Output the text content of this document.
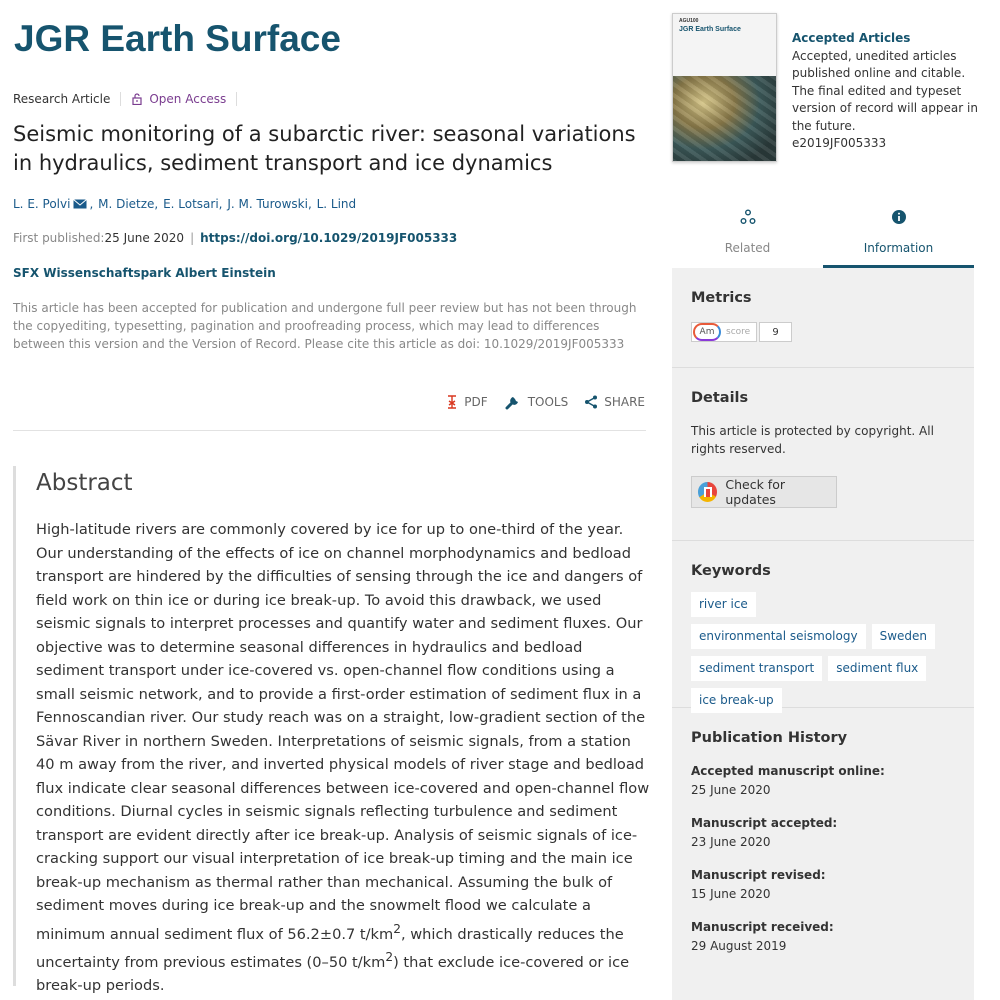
JGR Earth Surface
Research Article	Open Access
Seismic monitoring of a subarctic river: seasonal variations in hydraulics, sediment transport and ice dynamics
L. E. Polvi , M. Dietze,
E. Lotsari,
J. M. Turowski,
L. Lind
First published:25 June 2020 | https://doi.org/10.1029/2019JF005333
SFX Wissenschaftspark Albert Einstein

This article has been accepted for publication and undergone full peer review but has not been through the copyediting, typesetting, pagination and proofreading process, which may lead to differences between this version and the Version of Record. Please cite this article as doi: 10.1029/2019JF005333

PDF	TOOLS	SHARE
Abstract

High-latitude rivers are commonly covered by ice for up to one-third of the year. Our understanding of the effects of ice on channel morphodynamics and bedload transport are hindered by the difficulties of sensing through the ice and dangers of field work on thin ice or during ice break-up. To avoid this drawback, we used seismic signals to interpret processes and quantify water and sediment fluxes. Our objective was to determine seasonal differences in hydraulics and bedload sediment transport under ice-covered vs. open-channel flow conditions using a small seismic network, and to provide a first-order estimation of sediment flux in a Fennoscandian river. Our study reach was on a straight, low-gradient section of the Sävar River in northern Sweden. Interpretations of seismic signals, from a station 40 m away from the river, and inverted physical models of river stage and bedload flux indicate clear seasonal differences between ice-covered and open-channel flow conditions. Diurnal cycles in seismic signals reflecting turbulence and sediment transport are evident directly after ice break-up. Analysis of seismic signals of ice-cracking support our visual interpretation of ice break-up timing and the main ice break-up mechanism as thermal rather than mechanical. Assuming the bulk of sediment moves during ice break-up and the snowmelt flood we calculate a minimum annual sediment flux of 56.2±0.7 $t/km^2$, which drastically reduces the uncertainty from previous estimates (0–50 $t/km^2$) that exclude ice-covered or ice break-up periods.

AGU100
JGR Earth Surface
Accepted Articles
Accepted, unedited articles published online and citable. The final edited and typeset version of record will appear in the future.
e2019JF005333
Related	Information
Metrics
Am	score	9
Details

This article is protected by copyright. All rights reserved.

Check for updates
Keywords
river ice
environmental seismology	Sweden
sediment transport	sediment flux
ice break-up
Publication History
Accepted manuscript online:
25 June 2020
Manuscript accepted:
23 June 2020
Manuscript revised:
15 June 2020
Manuscript received:
29 August 2019
